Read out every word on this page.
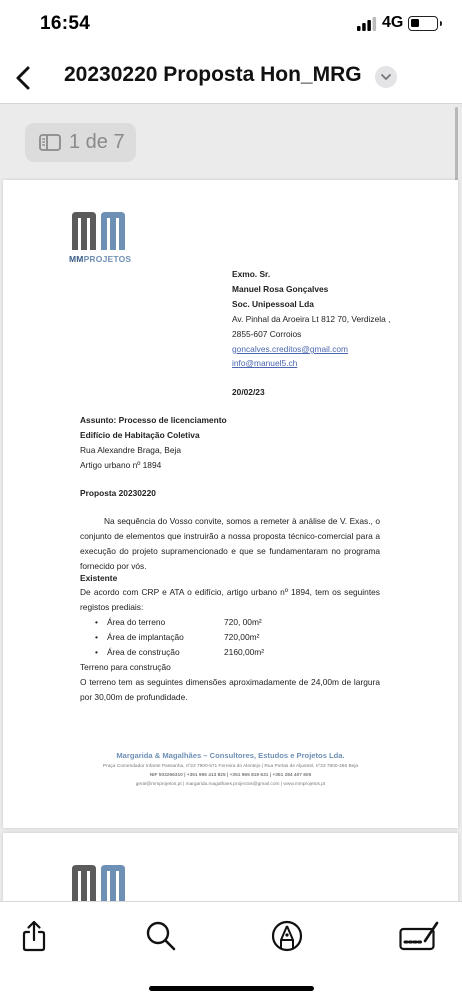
16:54	4G
20230220 Proposta Hon_MRG
1 de 7
MMPROJETOS
Exmo. Sr.
Manuel Rosa Gonçalves
Soc. Unipessoal Lda
Av. Pinhal da Aroeira Lt 812 70, Verdizela ,
2855-607 Corroios
goncalves.creditos@gmail.com
info@manuel5.ch
20/02/23
Assunto: Processo de licenciamento
Edifício de Habitação Coletiva
Rua Alexandre Braga, Beja
Artigo urbano nº 1894
Proposta 20230220

Na sequência do Vosso convite, somos a remeter à análise de V. Exas., o conjunto de elementos que instruirão a nossa proposta técnico-comercial para a execução do projeto supramencionado e que se fundamentaram no programa fornecido por vós.

Existente

De acordo com CRP e ATA o edifício, artigo urbano nº 1894, tem os seguintes registos prediais:

• Área do terreno	720, 00m²
• Área de implantação	720,00m²
• Área de construção	2160,00m²
Terreno para construção

O terreno tem as seguintes dimensões aproximadamente de 24,00m de largura por 30,00m de profundidade.

Margarida & Magalhães – Consultores, Estudos e Projetos Lda.
Praça Comendador Infante Passanha, nº22 7900-571 Ferreira do Alentejo | Rua Portas de Aljustrel, nº23 7800-466 Beja
NIF 503266310 | +351 965 413 825 | +351 965 819 631 | +351 284 407 605
geral@mmprojetos.pt | margarida.magalhaes.projectos@gmail.com | www.mmprojetos.pt
